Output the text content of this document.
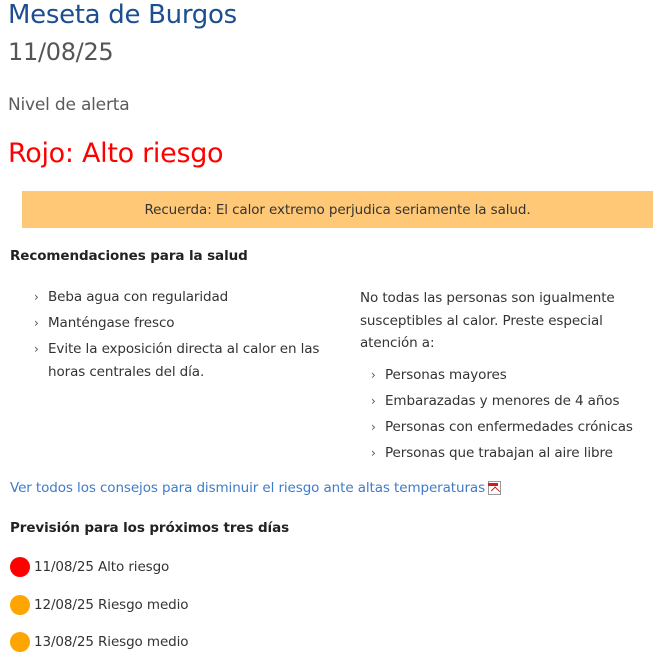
Meseta de Burgos
11/08/25
Nivel de alerta
Rojo: Alto riesgo
Recuerda: El calor extremo perjudica seriamente la salud.
Recomendaciones para la salud
› Beba agua con regularidad
› Manténgase fresco
› Evite la exposición directa al calor en las horas centrales del día.

No todas las personas son igualmente susceptibles al calor. Preste especial atención a:

› Personas mayores
› Embarazadas y menores de 4 años
› Personas con enfermedades crónicas
› Personas que trabajan al aire libre
Ver todos los consejos para disminuir el riesgo ante altas temperaturas
Previsión para los próximos tres días
11/08/25 Alto riesgo
12/08/25 Riesgo medio
13/08/25 Riesgo medio
